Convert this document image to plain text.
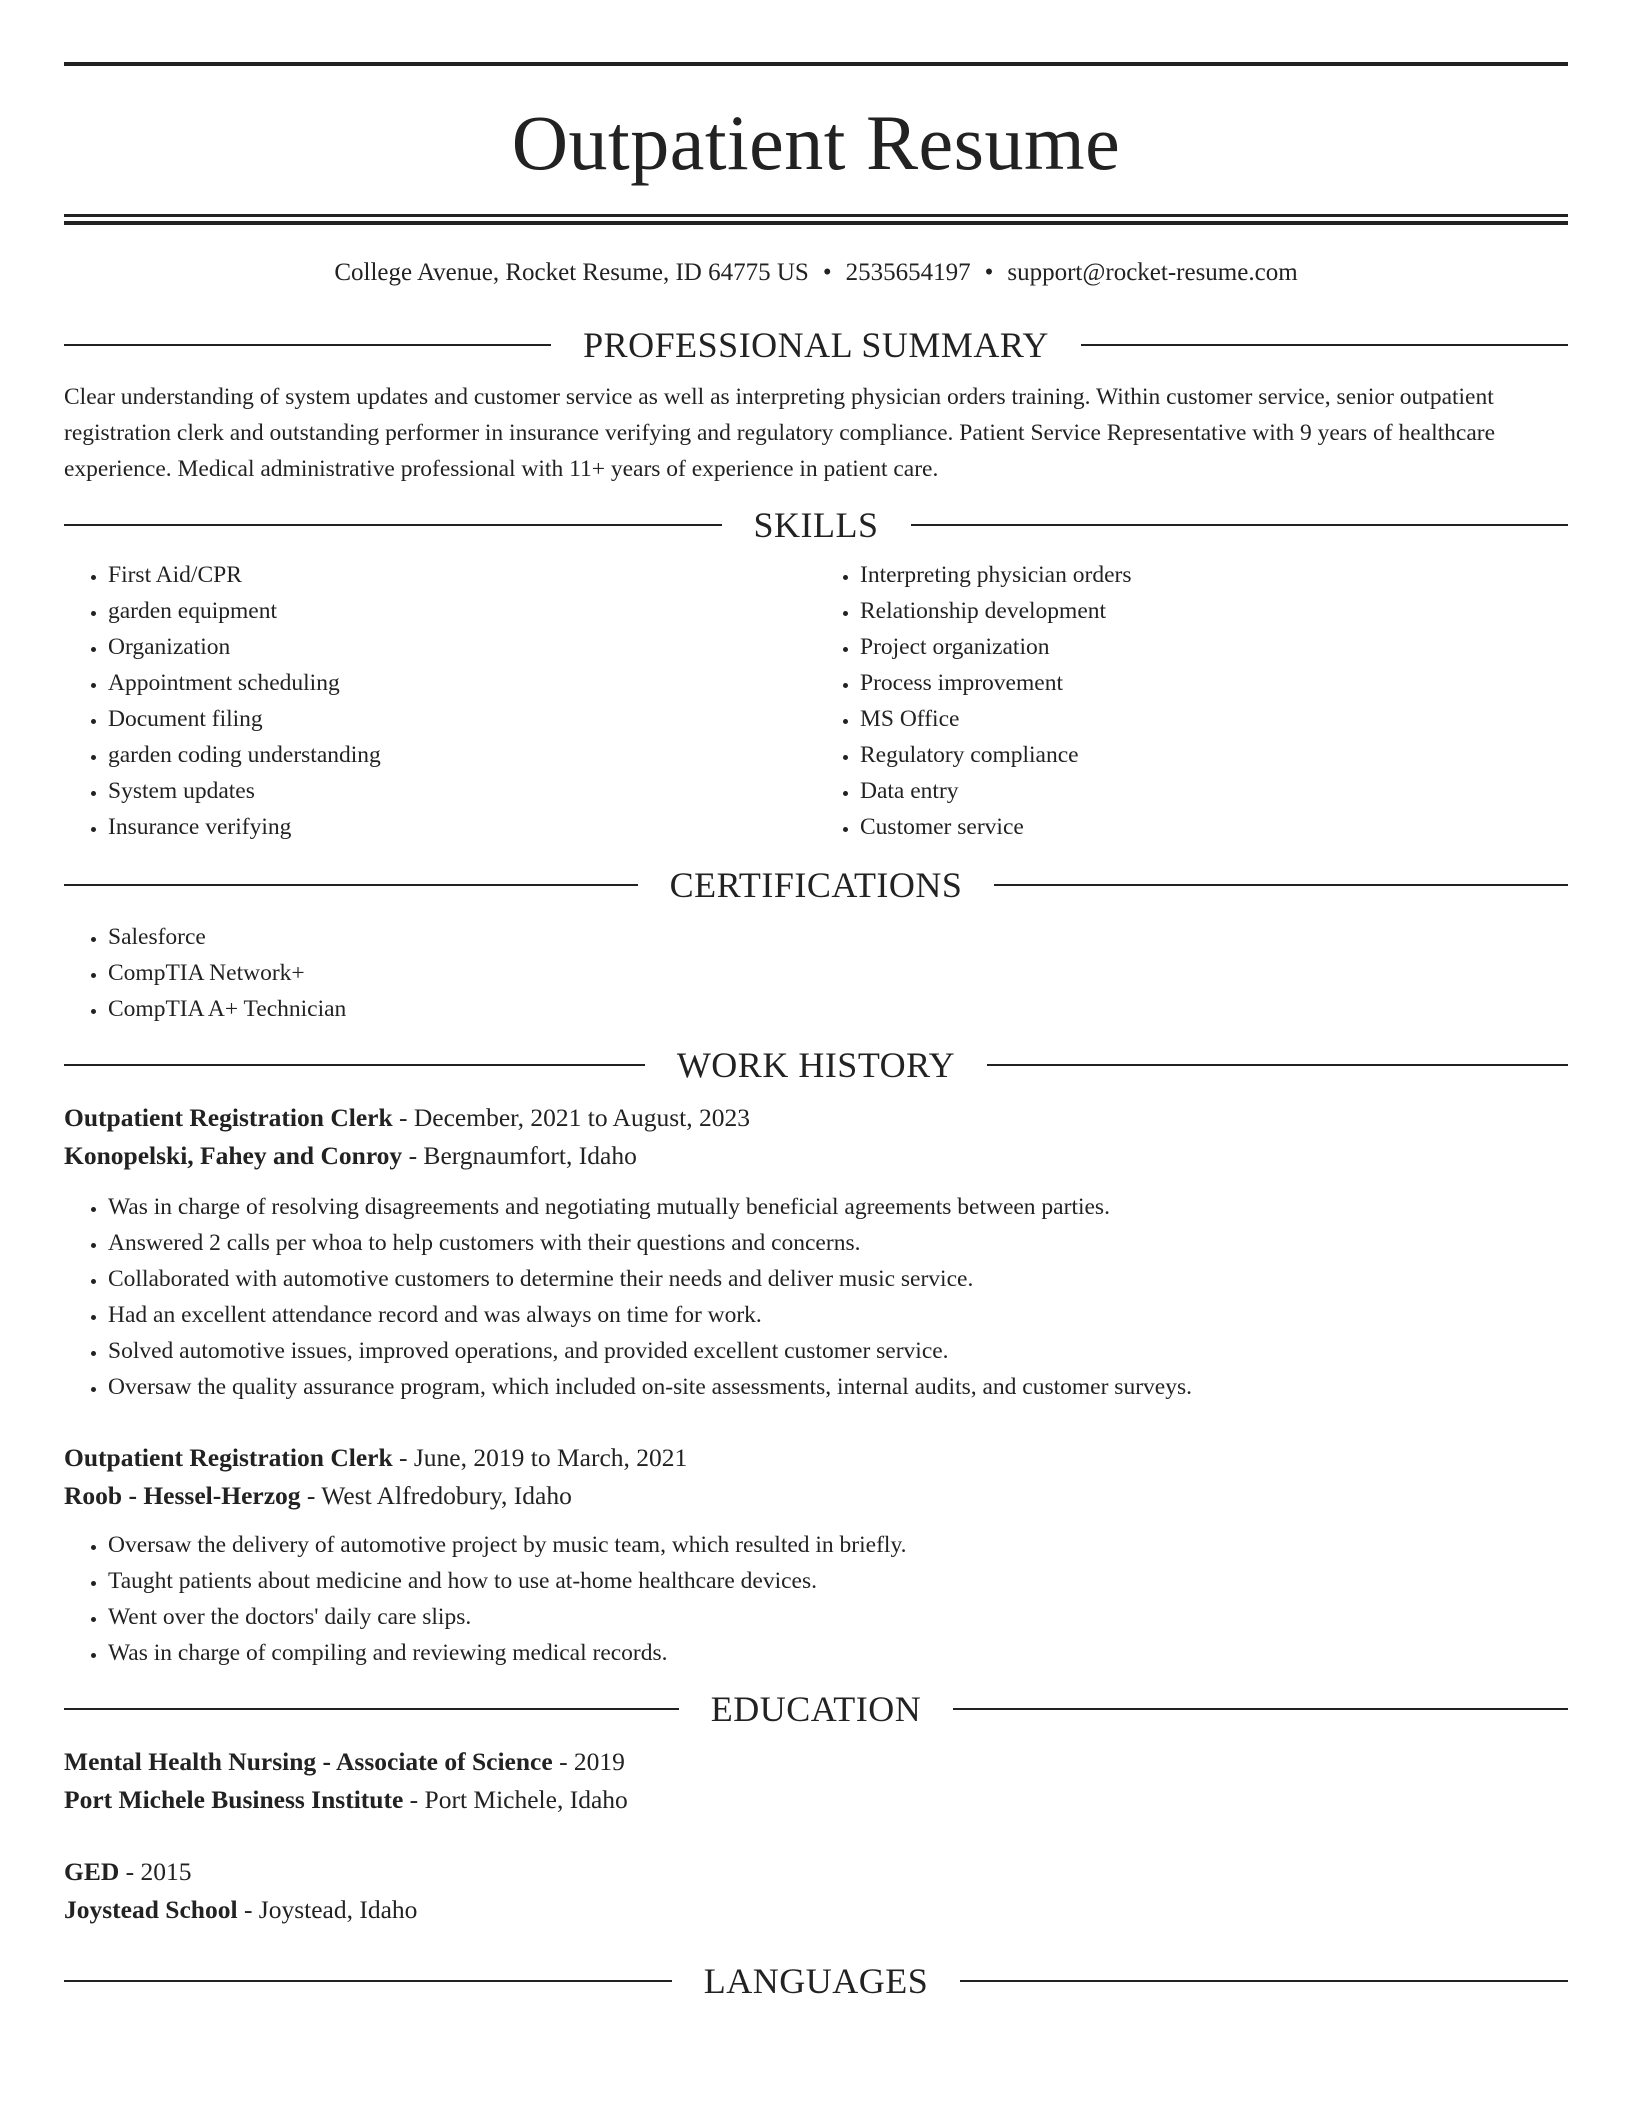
Outpatient Resume
College Avenue, Rocket Resume, ID 64775 US • 2535654197 • support@rocket-resume.com
PROFESSIONAL SUMMARY

Clear understanding of system updates and customer service as well as interpreting physician orders training. Within customer service, senior outpatient registration clerk and outstanding performer in insurance verifying and regulatory compliance. Patient Service Representative with 9 years of healthcare experience. Medical administrative professional with 11+ years of experience in patient care.

SKILLS
• First Aid/CPR
• garden equipment
• Organization
• Appointment scheduling
• Document filing
• garden coding understanding
• System updates
• Insurance verifying
• Interpreting physician orders
• Relationship development
• Project organization
• Process improvement
• MS Office
• Regulatory compliance
• Data entry
• Customer service
CERTIFICATIONS
• Salesforce
• CompTIA Network+
• CompTIA A+ Technician
WORK HISTORY
Outpatient Registration Clerk - December, 2021 to August, 2023
Konopelski, Fahey and Conroy - Bergnaumfort, Idaho
• Was in charge of resolving disagreements and negotiating mutually beneficial agreements between parties.
• Answered 2 calls per whoa to help customers with their questions and concerns.
• Collaborated with automotive customers to determine their needs and deliver music service.
• Had an excellent attendance record and was always on time for work.
• Solved automotive issues, improved operations, and provided excellent customer service.
• Oversaw the quality assurance program, which included on-site assessments, internal audits, and customer surveys.
Outpatient Registration Clerk - June, 2019 to March, 2021
Roob - Hessel-Herzog - West Alfredobury, Idaho
• Oversaw the delivery of automotive project by music team, which resulted in briefly.
• Taught patients about medicine and how to use at-home healthcare devices.
• Went over the doctors' daily care slips.
• Was in charge of compiling and reviewing medical records.
EDUCATION
Mental Health Nursing - Associate of Science - 2019
Port Michele Business Institute - Port Michele, Idaho
GED - 2015
Joystead School - Joystead, Idaho
LANGUAGES
